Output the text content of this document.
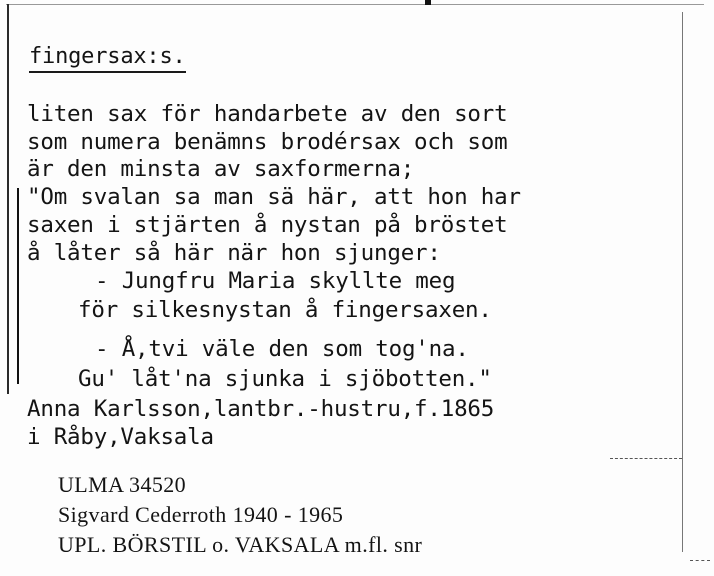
fingersax:s.
liten sax för handarbete av den sort
som numera benämns brodérsax och som
är den minsta av saxformerna;
"Om svalan sa man sä här, att hon har
saxen i stjärten å nystan på bröstet
å låter så här när hon sjunger:
- Jungfru Maria skyllte meg
för silkesnystan å fingersaxen.
- Å,tvi väle den som tog'na.
Gu' låt'na sjunka i sjöbotten."
Anna Karlsson,lantbr.-hustru,f.1865
i Råby,Vaksala
ULMA 34520
Sigvard Cederroth 1940 - 1965
UPL. BÖRSTIL o. VAKSALA m.fl. snr
